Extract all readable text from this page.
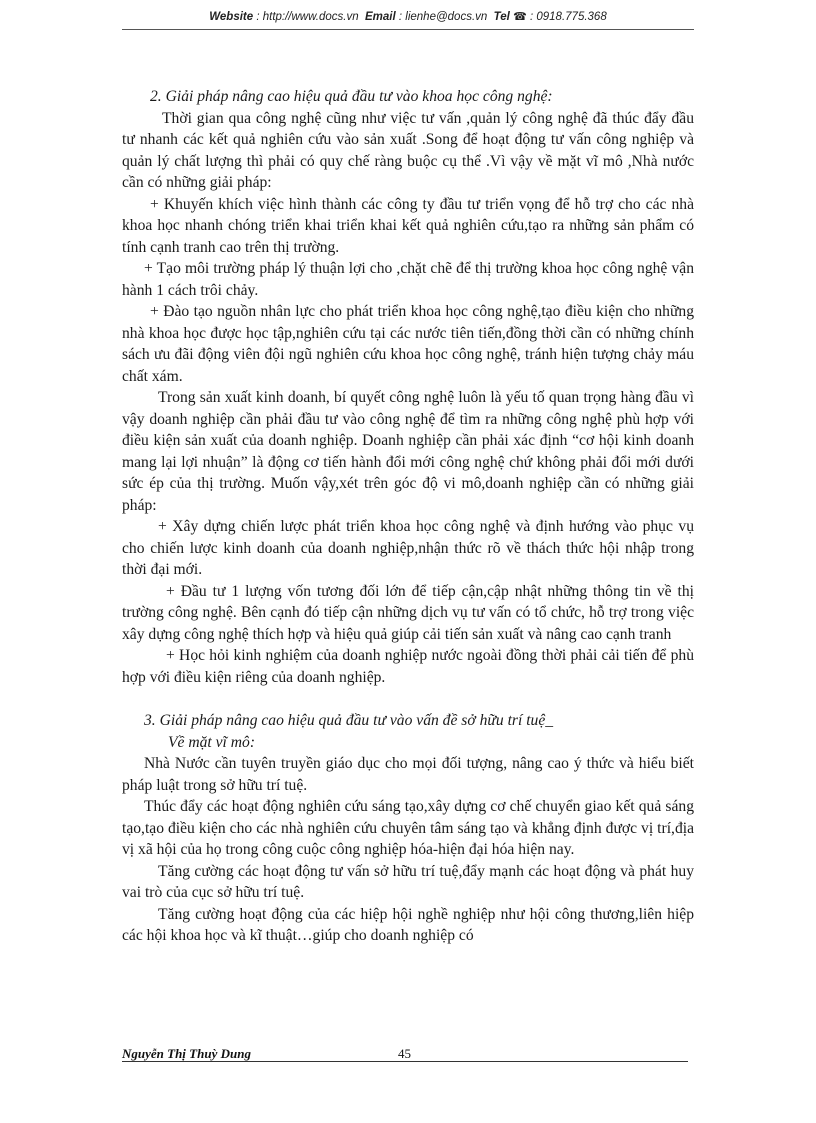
Website : http://www.docs.vn Email : lienhe@docs.vn Tel ☎ : 0918.775.368

2. Giải pháp nâng cao hiệu quả đầu tư vào khoa học công nghệ:

Thời gian qua công nghệ cũng như việc tư vấn ,quản lý công nghệ đã thúc đẩy đầu tư nhanh các kết quả nghiên cứu vào sản xuất .Song để hoạt động tư vấn công nghiệp và quản lý chất lượng thì phải có quy chế ràng buộc cụ thể .Vì vậy về mặt vĩ mô ,Nhà nước cần có những giải pháp:

+ Khuyến khích việc hình thành các công ty đầu tư triển vọng để hỗ trợ cho các nhà khoa học nhanh chóng triển khai triển khai kết quả nghiên cứu,tạo ra những sản phẩm có tính cạnh tranh cao trên thị trường.

+ Tạo môi trường pháp lý thuận lợi cho ,chặt chẽ để thị trường khoa học công nghệ vận hành 1 cách trôi chảy.

+ Đào tạo nguồn nhân lực cho phát triển khoa học công nghệ,tạo điều kiện cho những nhà khoa học được học tập,nghiên cứu tại các nước tiên tiến,đồng thời cần có những chính sách ưu đãi động viên đội ngũ nghiên cứu khoa học công nghệ, tránh hiện tượng chảy máu chất xám.

Trong sản xuất kinh doanh, bí quyết công nghệ luôn là yếu tố quan trọng hàng đầu vì vậy doanh nghiệp cần phải đầu tư vào công nghệ để tìm ra những công nghệ phù hợp với điều kiện sản xuất của doanh nghiệp. Doanh nghiệp cần phải xác định “cơ hội kinh doanh mang lại lợi nhuận” là động cơ tiến hành đổi mới công nghệ chứ không phải đổi mới dưới sức ép của thị trường. Muốn vậy,xét trên góc độ vi mô,doanh nghiệp cần có những giải pháp:

+ Xây dựng chiến lược phát triển khoa học công nghệ và định hướng vào phục vụ cho chiến lược kinh doanh của doanh nghiệp,nhận thức rõ về thách thức hội nhập trong thời đại mới.

+ Đầu tư 1 lượng vốn tương đối lớn để tiếp cận,cập nhật những thông tin về thị trường công nghệ. Bên cạnh đó tiếp cận những dịch vụ tư vấn có tổ chức, hỗ trợ trong việc xây dựng công nghệ thích hợp và hiệu quả giúp cải tiến sản xuất và nâng cao cạnh tranh

+ Học hỏi kinh nghiệm của doanh nghiệp nước ngoài đồng thời phải cải tiến để phù hợp với điều kiện riêng của doanh nghiệp.

3. Giải pháp nâng cao hiệu quả đầu tư vào vấn đề sở hữu trí tuệ_

Về mặt vĩ mô:

Nhà Nước cần tuyên truyền giáo dục cho mọi đối tượng, nâng cao ý thức và hiểu biết pháp luật trong sở hữu trí tuệ.

Thúc đẩy các hoạt động nghiên cứu sáng tạo,xây dựng cơ chế chuyển giao kết quả sáng tạo,tạo điều kiện cho các nhà nghiên cứu chuyên tâm sáng tạo và khẳng định được vị trí,địa vị xã hội của họ trong công cuộc công nghiệp hóa-hiện đại hóa hiện nay.

Tăng cường các hoạt động tư vấn sở hữu trí tuệ,đẩy mạnh các hoạt động và phát huy vai trò của cục sở hữu trí tuệ.

Tăng cường hoạt động của các hiệp hội nghề nghiệp như hội công thương,liên hiệp các hội khoa học và kĩ thuật…giúp cho doanh nghiệp có

Nguyễn Thị Thuỳ Dung	45
